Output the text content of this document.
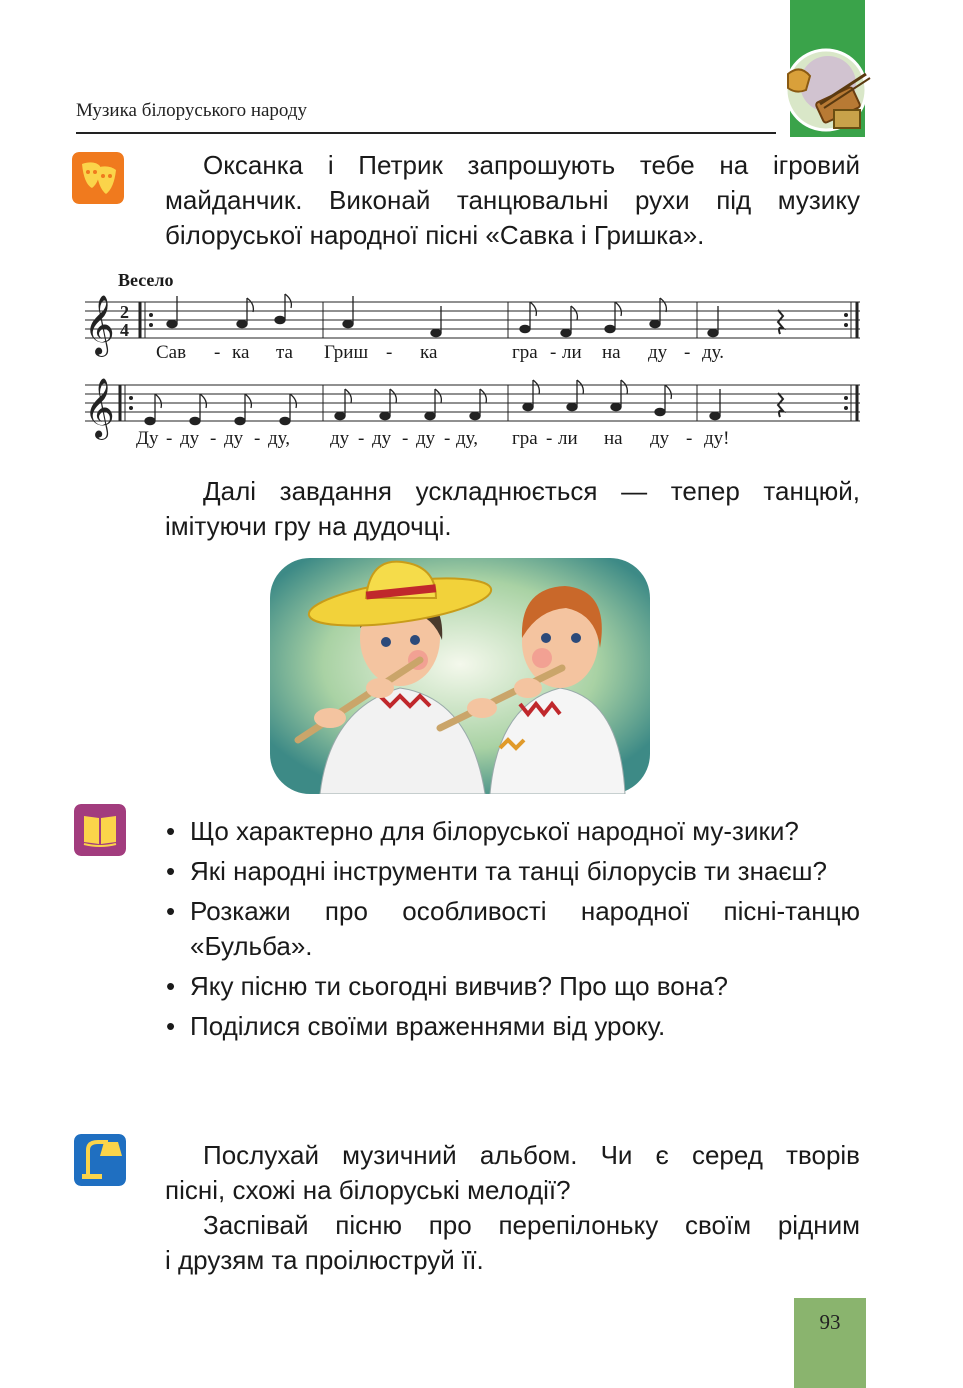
Музика білоруського народу
Оксанка і Петрик запрошують тебе на ігровий
майданчик. Виконай танцювальні рухи під музику
білоруської народної пісні «Савка і Гришка».
Весело
𝄞 2
4
𝄞
Сав - ка та Гриш - ка	гра - ли на ду - ду.
Ду - ду - ду - ду, ду - ду - ду - ду, гра - ли на ду - ду!
Далі завдання ускладнюється — тепер танцюй,
імітуючи гру на дудочці.
• Що характерно для білоруської народної му-зики?
• Які народні інструменти та танці білорусів ти знаєш?
• Розкажи про особливості народної пісні-танцю «Бульба».
• Яку пісню ти сьогодні вивчив? Про що вона?
• Поділися своїми враженнями від уроку.
Послухай музичний альбом. Чи є серед творів
пісні, схожі на білоруські мелодії?
Заспівай пісню про перепілоньку своїм рідним
і друзям та проілюструй її.
93
